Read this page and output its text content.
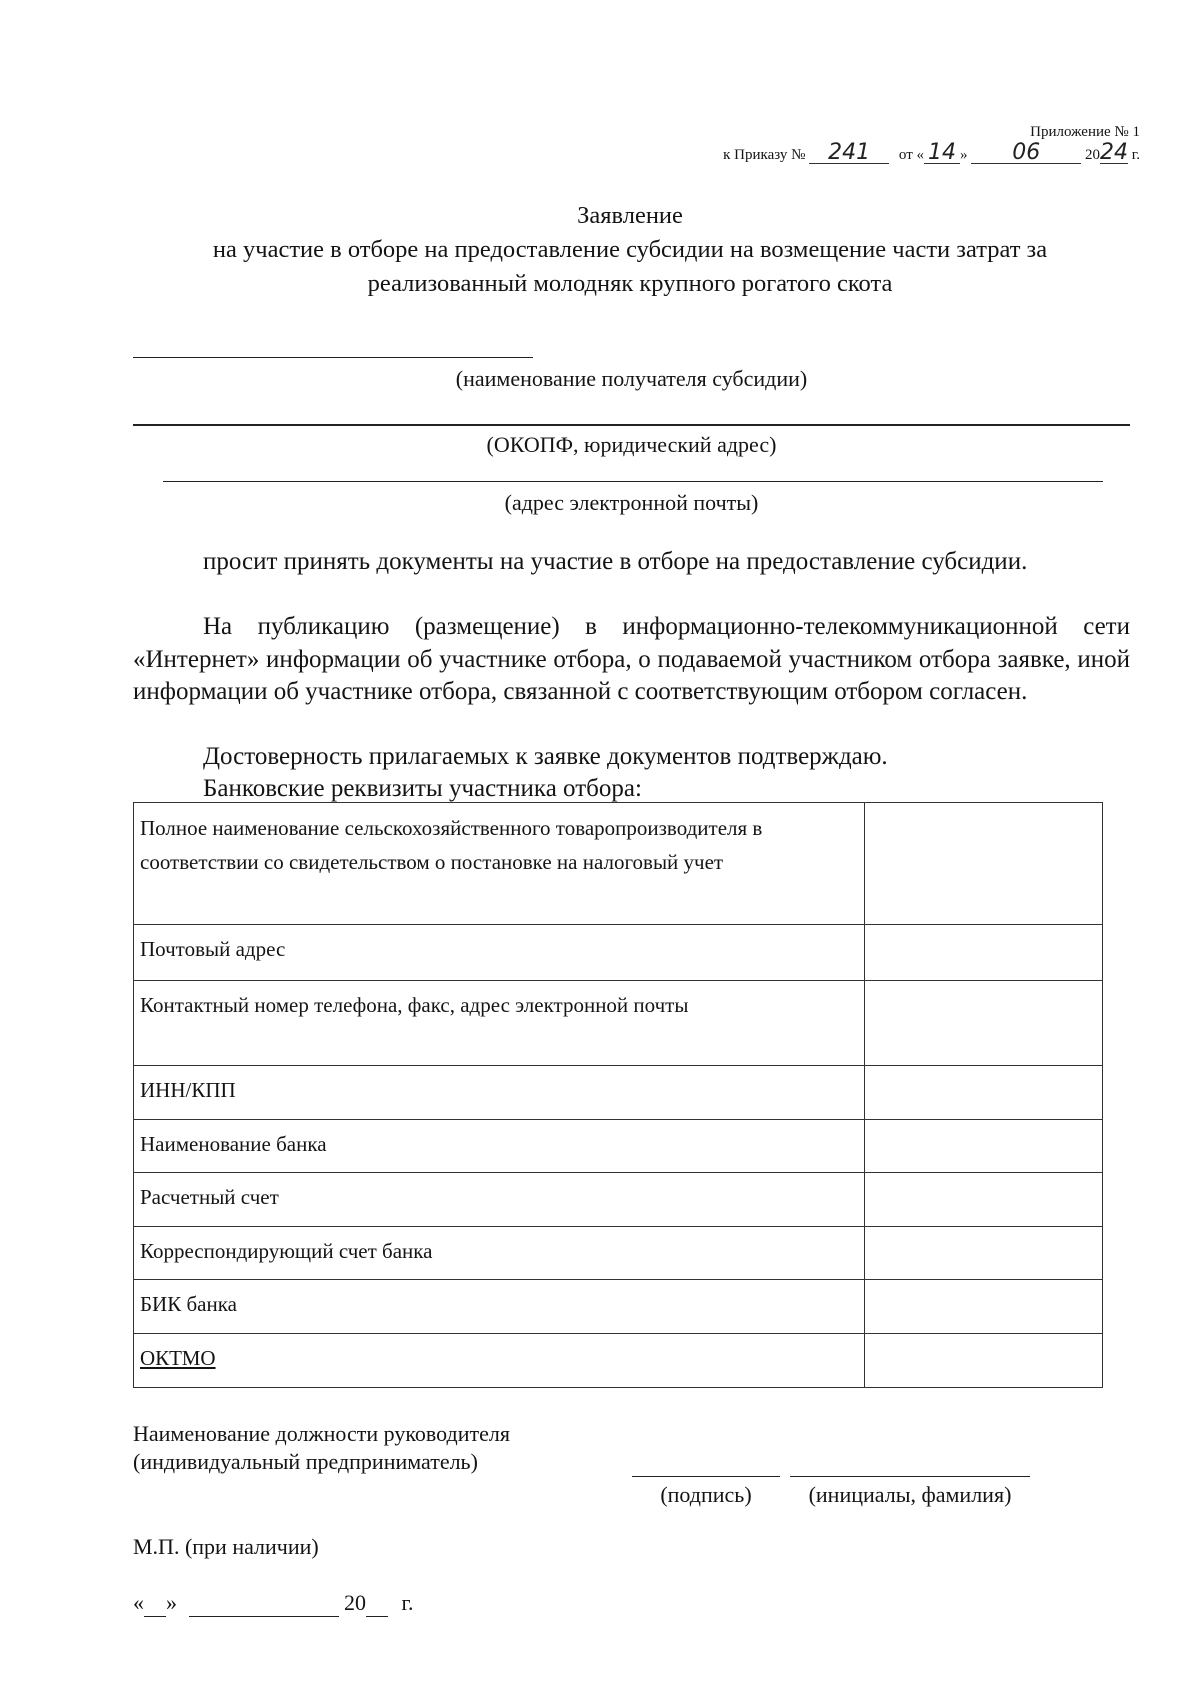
Приложение № 1
к Приказу № 241 от « 14 » 06	2024 г.
Заявление
на участие в отборе на предоставление субсидии на возмещение части затрат за
реализованный молодняк крупного рогатого скота
(наименование получателя субсидии)
(ОКОПФ, юридический адрес)
(адрес электронной почты)
просит принять документы на участие в отборе на предоставление субсидии.
На публикацию (размещение) в информационно-телекоммуникационной сети «Интернет» информации об участнике отбора, о подаваемой участником отбора заявке, иной информации об участнике отбора, связанной с соответствующим отбором согласен.
Достоверность прилагаемых к заявке документов подтверждаю.
Банковские реквизиты участника отбора:
Полное наименование сельскохозяйственного товаропроизводителя в соответствии со свидетельством о постановке на налоговый учет	
Почтовый адрес	
Контактный номер телефона, факс, адрес электронной почты	
ИНН/КПП	
Наименование банка	
Расчетный счет	
Корреспондирующий счет банка	
БИК банка	
ОКТМО	
Наименование должности руководителя
(индивидуальный предприниматель)
(подпись)	(инициалы, фамилия)
М.П. (при наличии)
« »	20 г.
